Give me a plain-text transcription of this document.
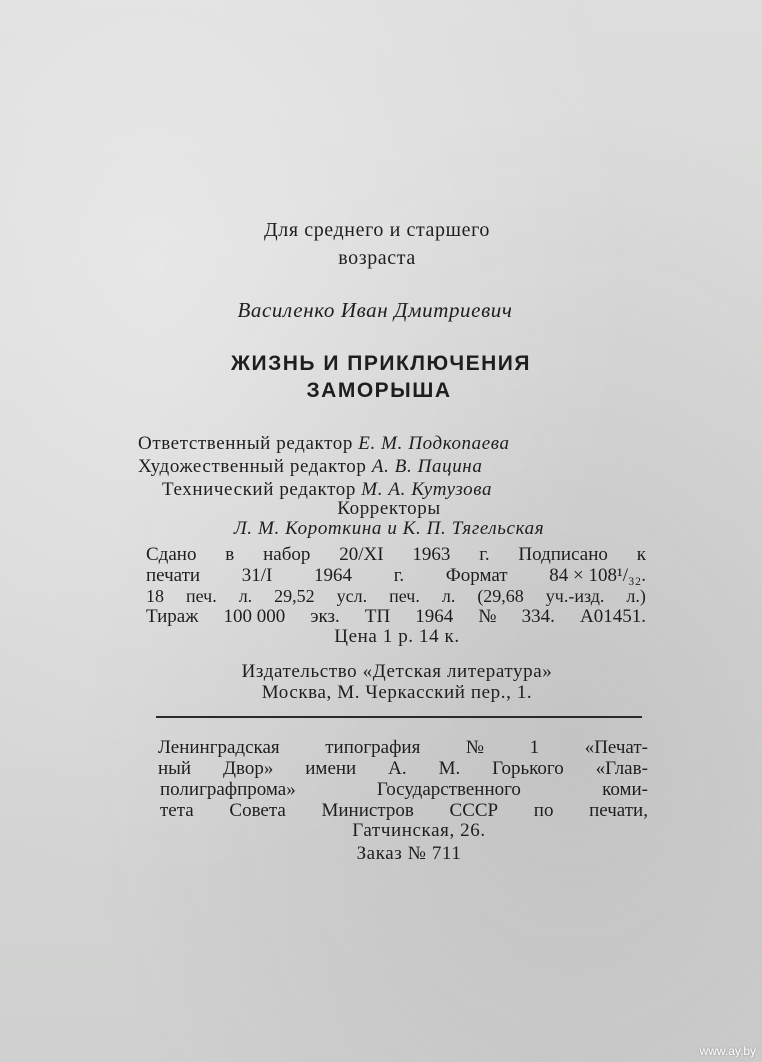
Для среднего и старшего
возраста
Василенко Иван Дмитриевич
ЖИЗНЬ И ПРИКЛЮЧЕНИЯ
ЗАМОРЫША
Ответственный редактор Е. М. Подкопаева
Художественный редактор А. В. Пацина
Технический редактор М. А. Кутузова
Корректоры
Л. М. Короткина и К. П. Тягельская
Сдано в набор 20/XI 1963 г. Подписано к
печати 31/I 1964 г. Формат 84 × 108¹/₃₂.
18 печ. л. 29,52 усл. печ. л. (29,68 уч.-изд. л.)
Тираж 100 000 экз. ТП 1964 № 334. А01451.
Цена 1 р. 14 к.
Издательство «Детская литература»
Москва, М. Черкасский пер., 1.
Ленинградская типография № 1 «Печат-
ный Двор» имени А. М. Горького «Глав-
полиграфпрома»	Государственного	коми-
тета Совета Министров СССР по печати,
Гатчинская, 26.
Заказ № 711
www.ay.by
